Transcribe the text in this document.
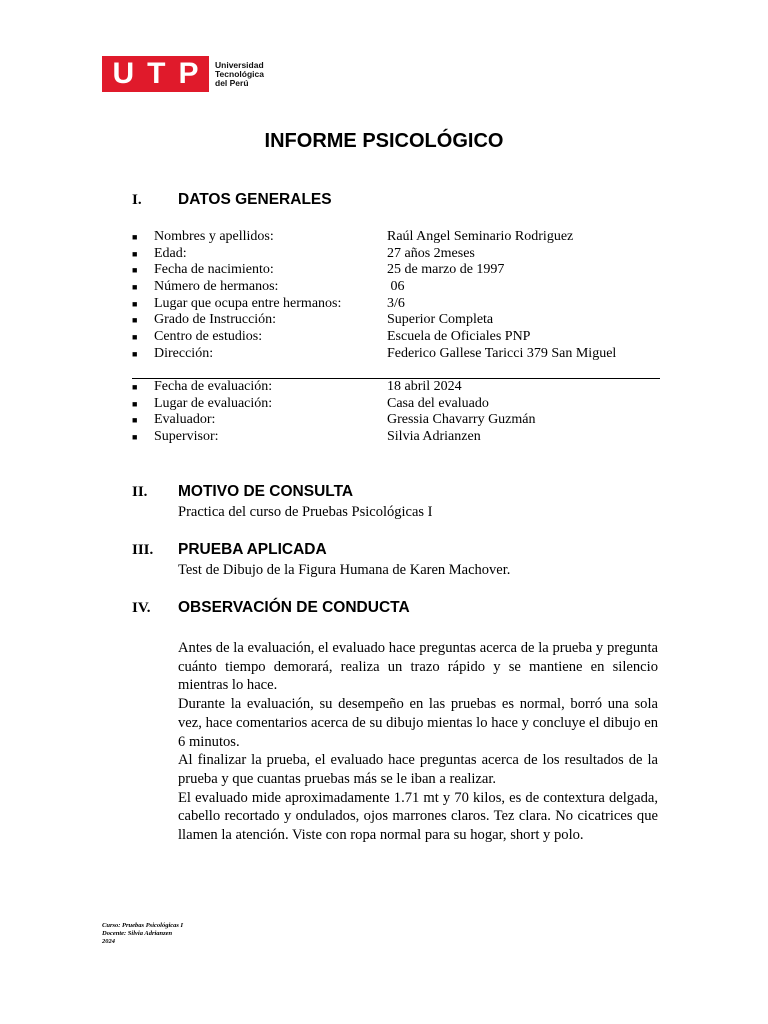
U T P Universidad
Tecnológica
del Perú
INFORME PSICOLÓGICO
I.	DATOS GENERALES
■	Nombres y apellidos:	Raúl Angel Seminario Rodriguez
■	Edad:	27 años 2meses
■	Fecha de nacimiento:	25 de marzo de 1997
■	Número de hermanos:	06
■	Lugar que ocupa entre hermanos:	3/6
■	Grado de Instrucción:	Superior Completa
■	Centro de estudios:	Escuela de Oficiales PNP
■	Dirección:	Federico Gallese Taricci 379 San Miguel
■	Fecha de evaluación:	18 abril 2024
■	Lugar de evaluación:	Casa del evaluado
■	Evaluador:	Gressia Chavarry Guzmán
■	Supervisor:	Silvia Adrianzen
II.	MOTIVO DE CONSULTA
Practica del curso de Pruebas Psicológicas I
III.	PRUEBA APLICADA
Test de Dibujo de la Figura Humana de Karen Machover.
IV.	OBSERVACIÓN DE CONDUCTA

Antes de la evaluación, el evaluado hace preguntas acerca de la prueba y pregunta cuánto tiempo demorará, realiza un trazo rápido y se mantiene en silencio mientras lo hace.

Durante la evaluación, su desempeño en las pruebas es normal, borró una sola vez, hace comentarios acerca de su dibujo mientas lo hace y concluye el dibujo en 6 minutos.

Al finalizar la prueba, el evaluado hace preguntas acerca de los resultados de la prueba y que cuantas pruebas más se le iban a realizar.

El evaluado mide aproximadamente 1.71 mt y 70 kilos, es de contextura delgada, cabello recortado y ondulados, ojos marrones claros. Tez clara. No cicatrices que llamen la atención. Viste con ropa normal para su hogar, short y polo.

Curso: Pruebas Psicológicas I
Docente: Silvia Adrianzen
2024
